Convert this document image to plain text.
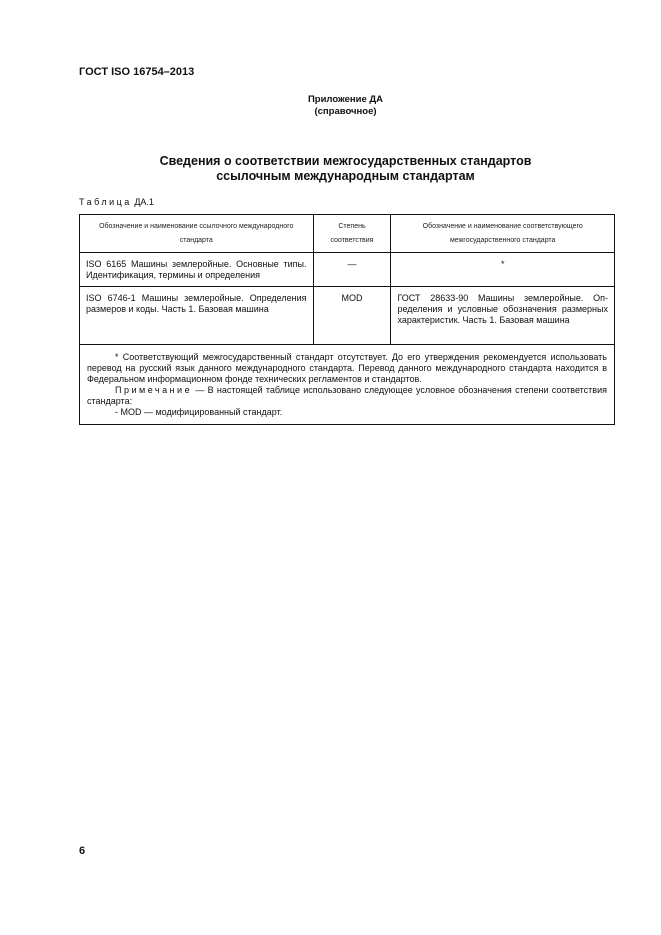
ГОСТ ISO 16754–2013
Приложение ДА
(справочное)
Сведения о соответствии межгосударственных стандартов
ссылочным международным стандартам
Таблица ДА.1
Обозначение и наименование ссылочного международного стандарта	Степень соответствия	Обозначение и наименование соответствующего межгосударственного стандарта
ISO 6165 Машины землеройные. Основные типы. Идентификация, термины и определения	—	*
ISO 6746-1 Машины землеройные. Определения размеров и коды. Часть 1. Базовая машина	MOD	ГОСТ 28633-90 Машины землеройные. Определения и условные обозначения размерных характеристик. Часть 1. Базовая машина

* Соответствующий межгосударственный стандарт отсутствует. До его утверждения рекомендуется использовать перевод на русский язык данного международного стандарта. Перевод данного международного стандарта находится в Федеральном информационном фонде технических регламентов и стандартов.

Примечание — В настоящей таблице использовано следующее условное обозначения степени соответствия стандарта:

- MOD — модифицированный стандарт.		

6
